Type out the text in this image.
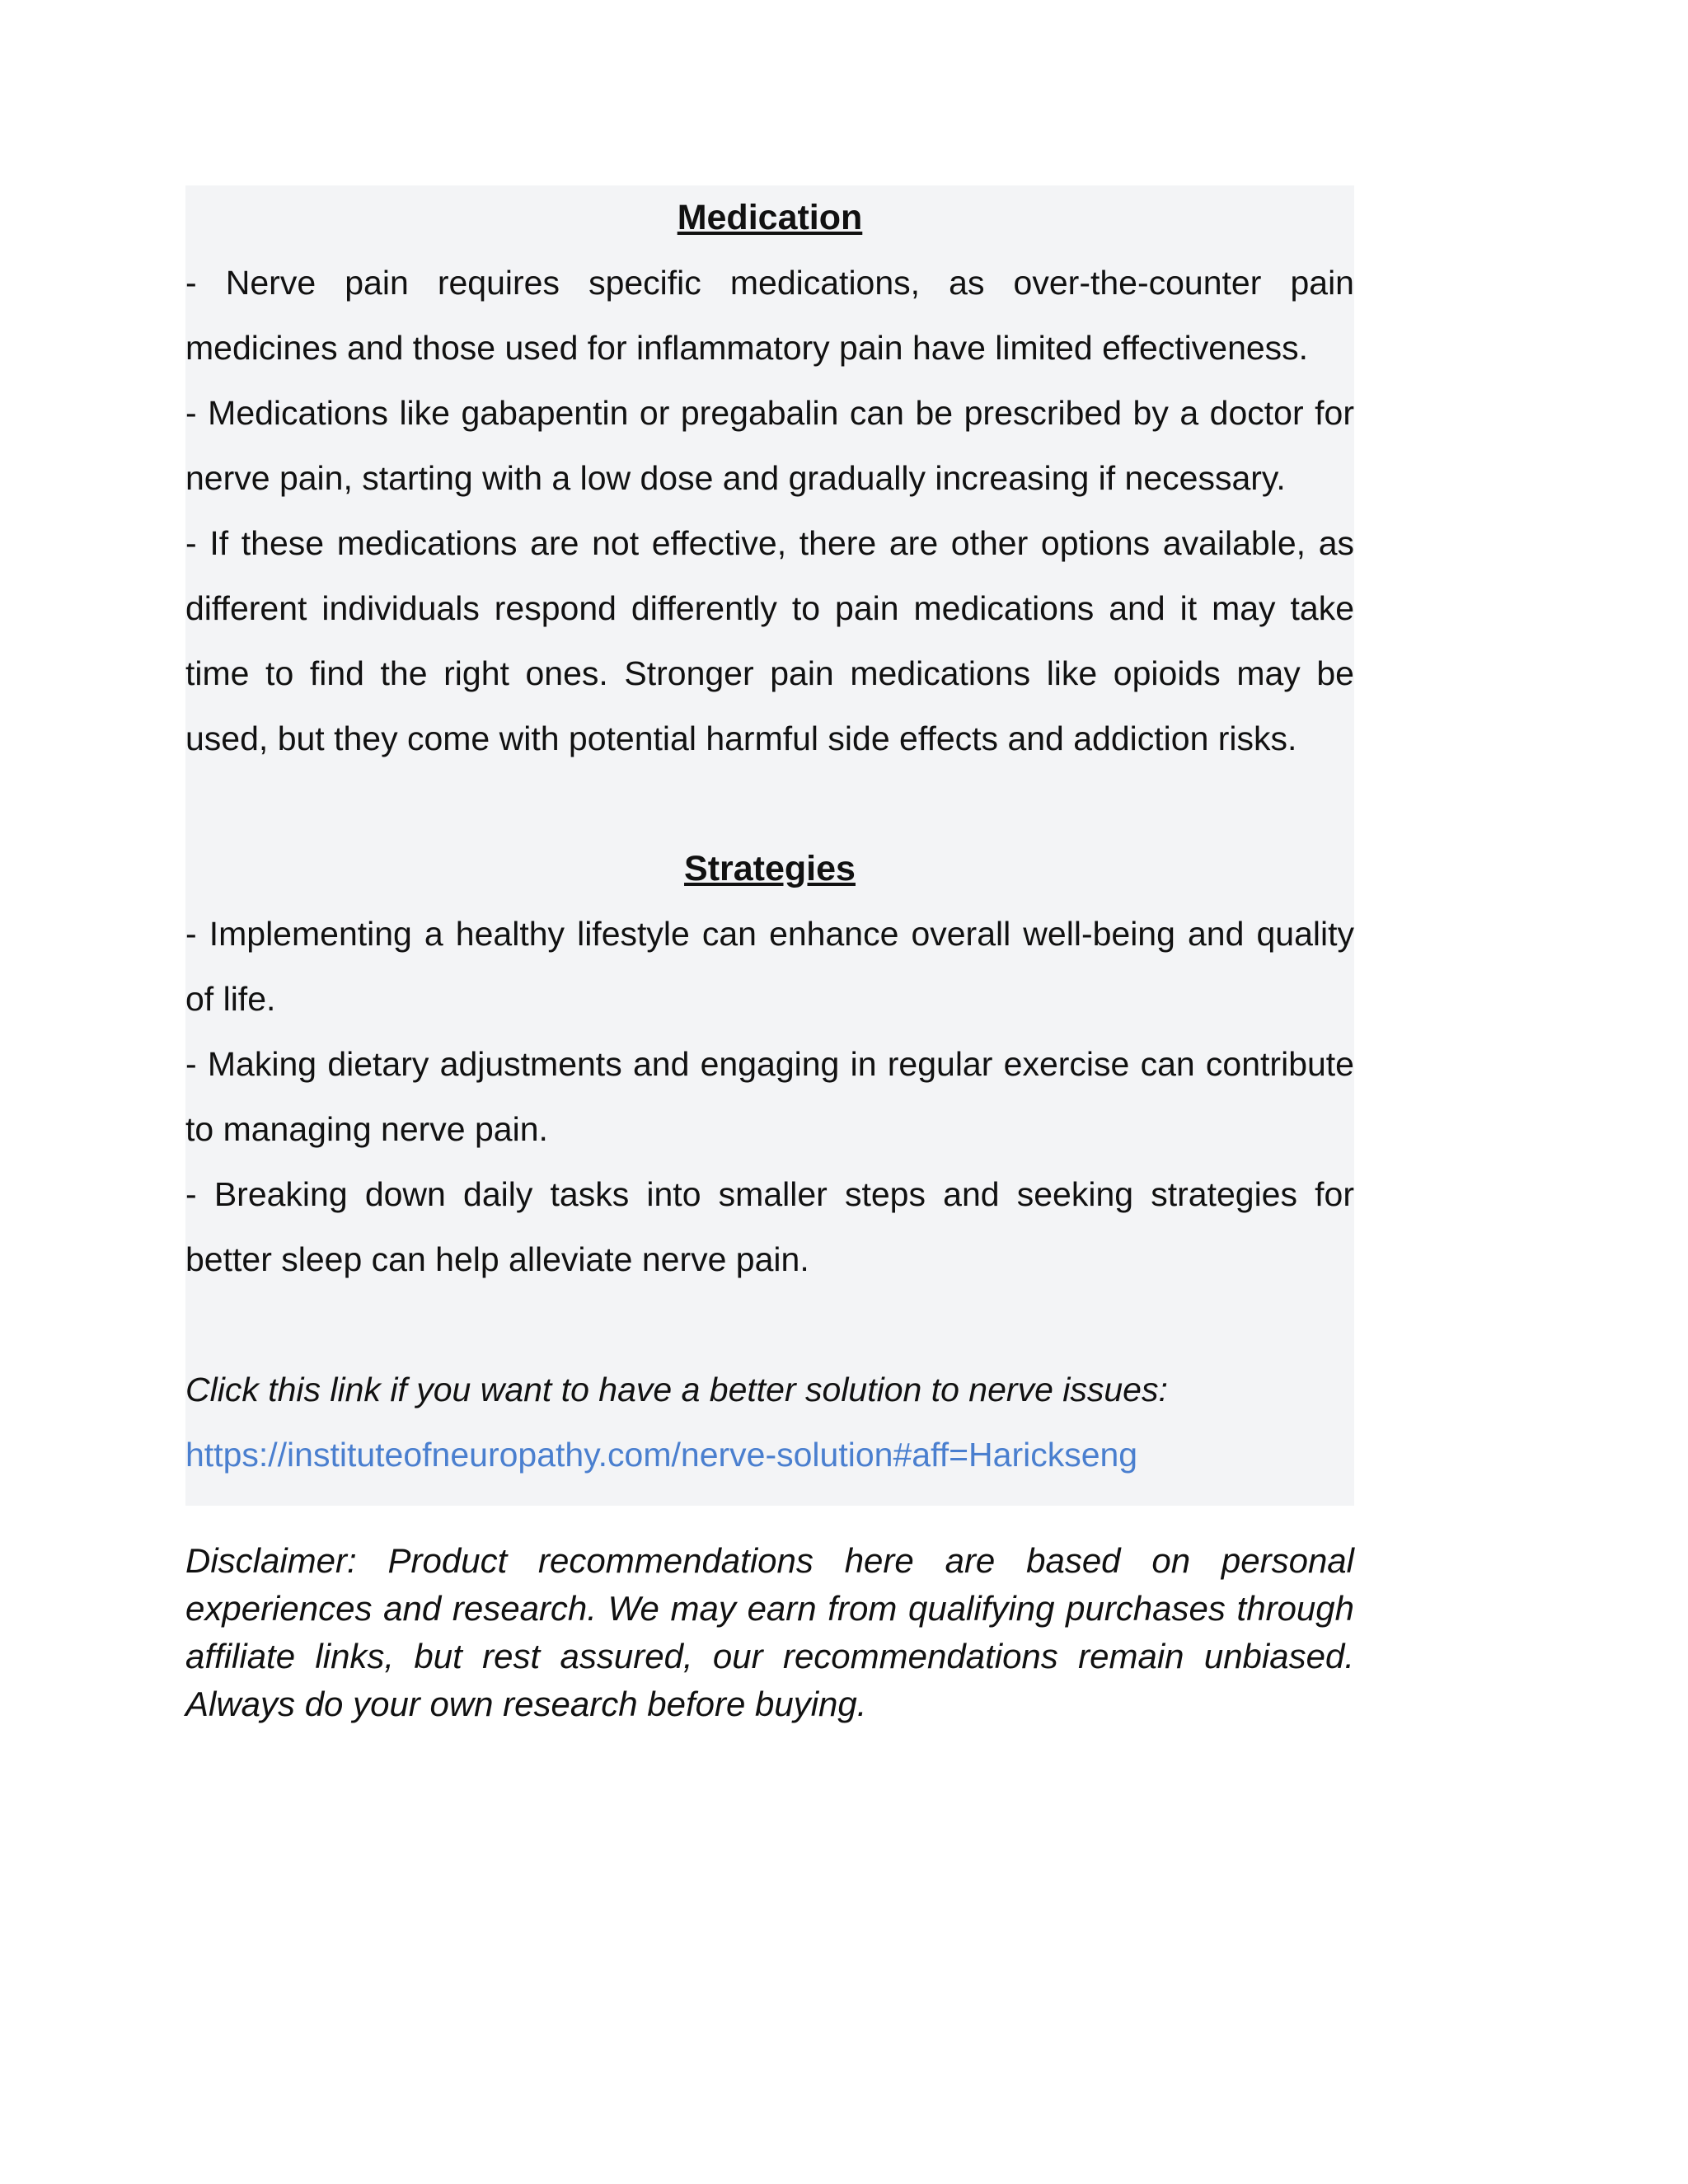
Medication

- Nerve pain requires specific medications, as over-the-counter pain medicines and those used for inflammatory pain have limited effectiveness.

- Medications like gabapentin or pregabalin can be prescribed by a doctor for nerve pain, starting with a low dose and gradually increasing if necessary.

- If these medications are not effective, there are other options available, as different individuals respond differently to pain medications and it may take time to find the right ones. Stronger pain medications like opioids may be used, but they come with potential harmful side effects and addiction risks.

Strategies

- Implementing a healthy lifestyle can enhance overall well-being and quality of life.

- Making dietary adjustments and engaging in regular exercise can contribute to managing nerve pain.

- Breaking down daily tasks into smaller steps and seeking strategies for better sleep can help alleviate nerve pain.

Click this link if you want to have a better solution to nerve issues:

https://instituteofneuropathy.com/nerve-solution#aff=Harickseng

Disclaimer: Product recommendations here are based on personal experiences and research. We may earn from qualifying purchases through affiliate links, but rest assured, our recommendations remain unbiased. Always do your own research before buying.
